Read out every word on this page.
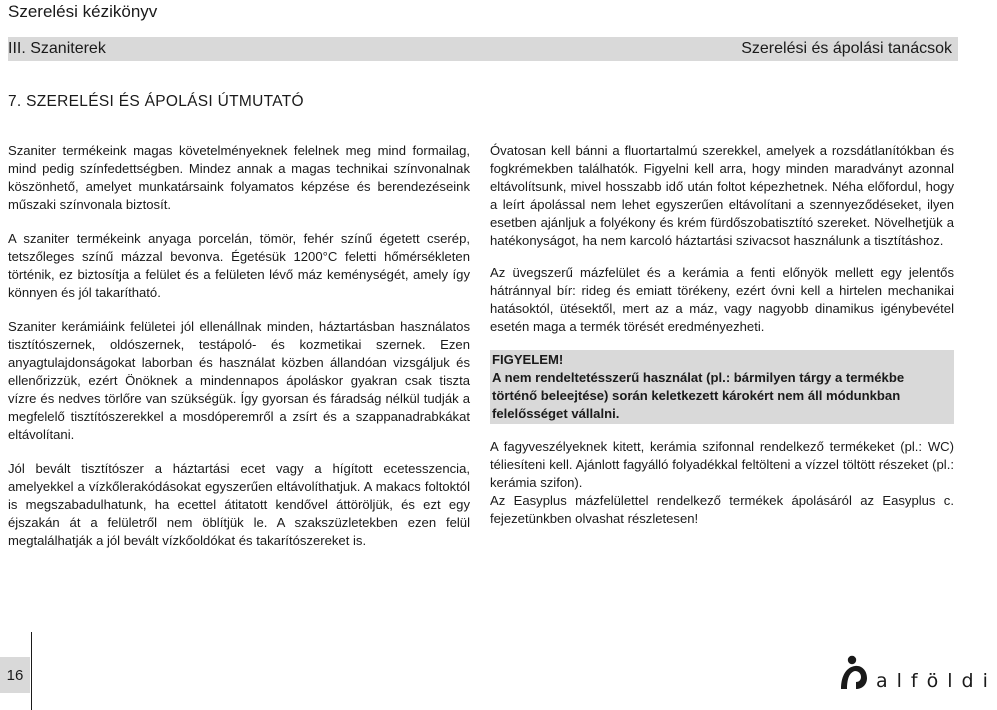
Szerelési kézikönyv
III. Szaniterek	Szerelési és ápolási tanácsok
7. SZERELÉSI ÉS ÁPOLÁSI ÚTMUTATÓ

Szaniter termékeink magas követelményeknek felelnek meg mind formailag, mind pedig színfedettségben. Mindez annak a magas technikai színvonalnak köszönhető, amelyet munkatársaink folyamatos képzése és berendezéseink műszaki színvonala biztosít.

A szaniter termékeink anyaga porcelán, tömör, fehér színű égetett cserép, tetszőleges színű mázzal bevonva. Égetésük 1200°C feletti hőmérsékleten történik, ez biztosítja a felület és a felületen lévő máz keménységét, amely így könnyen és jól takarítható.

Szaniter kerámiáink felületei jól ellenállnak minden, háztartásban használatos tisztítószernek, oldószernek, testápoló- és kozmetikai szernek. Ezen anyagtulajdonságokat laborban és használat közben állandóan vizsgáljuk és ellenőrizzük, ezért Önöknek a mindennapos ápoláskor gyakran csak tiszta vízre és nedves törlőre van szükségük. Így gyorsan és fáradság nélkül tudják a megfelelő tisztítószerekkel a mosdóperemről a zsírt és a szappanadrabkákat eltávolítani.

Jól bevált tisztítószer a háztartási ecet vagy a hígított ecetesszencia, amelyekkel a vízkőlerakódásokat egyszerűen eltávolíthatjuk. A makacs foltoktól is megszabadulhatunk, ha ecettel átitatott kendővel áttöröljük, és ezt egy éjszakán át a felületről nem öblítjük le. A szakszüzletekben ezen felül megtalálhatják a jól bevált vízkőoldókat és takarítószereket is.

Óvatosan kell bánni a fluortartalmú szerekkel, amelyek a rozsdátlanítókban és fogkrémekben találhatók. Figyelni kell arra, hogy minden maradványt azonnal eltávolítsunk, mivel hosszabb idő után foltot képezhetnek. Néha előfordul, hogy a leírt ápolással nem lehet egyszerűen eltávolítani a szennyeződéseket, ilyen esetben ajánljuk a folyékony és krém fürdőszobatisztító szereket. Növelhetjük a hatékonyságot, ha nem karcoló háztartási szivacsot használunk a tisztításhoz.

Az üvegszerű mázfelület és a kerámia a fenti előnyök mellett egy jelentős hátránnyal bír: rideg és emiatt törékeny, ezért óvni kell a hirtelen mechanikai hatásoktól, ütésektől, mert az a máz, vagy nagyobb dinamikus igénybevétel esetén maga a termék törését eredményezheti.

FIGYELEM!
A nem rendeltetésszerű használat (pl.: bármilyen tárgy a termékbe történő beleejtése) során keletkezett károkért nem áll módunkban felelősséget vállalni.

A fagyveszélyeknek kitett, kerámia szifonnal rendelkező termékeket (pl.: WC) téliesíteni kell. Ajánlott fagyálló folyadékkal feltölteni a vízzel töltött részeket (pl.: kerámia szifon).

Az Easyplus mázfelülettel rendelkező termékek ápolásáról az Easyplus c. fejezetünkben olvashat részletesen!

16	alföldi
